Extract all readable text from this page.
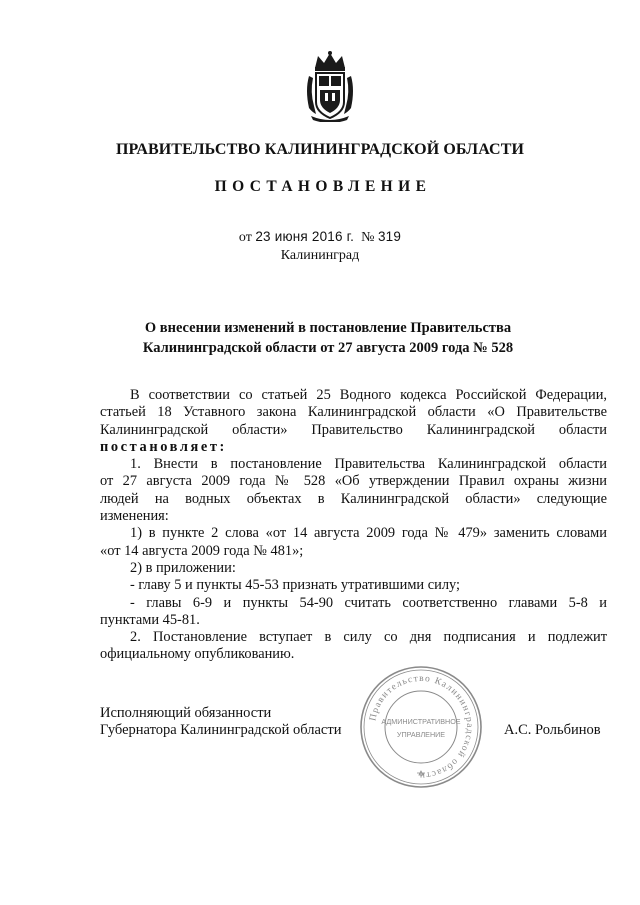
ПРАВИТЕЛЬСТВО КАЛИНИНГРАДСКОЙ ОБЛАСТИ
ПОСТАНОВЛЕНИЕ
от 23 июня 2016 г. № 319
Калининград
О внесении изменений в постановление Правительства
Калининградской области от 27 августа 2009 года № 528
В соответствии со статьей 25 Водного кодекса Российской Федерации,
статьей 18 Уставного закона Калининградской области «О Правительстве
Калининградской области» Правительство Калининградской области
постановляет:
1. Внести в постановление Правительства Калининградской области
от 27 августа 2009 года № 528 «Об утверждении Правил охраны жизни
людей на водных объектах в Калининградской области» следующие
изменения:
1) в пункте 2 слова «от 14 августа 2009 года № 479» заменить словами
«от 14 августа 2009 года № 481»;
2) в приложении:
- главу 5 и пункты 45-53 признать утратившими силу;
- главы 6-9 и пункты 54-90 считать соответственно главами 5-8 и
пунктами 45-81.
2. Постановление вступает в силу со дня подписания и подлежит
официальному опубликованию.
Правительство Калининградской области
АДМИНИСТРАТИВНОЕ
УПРАВЛЕНИЕ
Исполняющий обязанности
Губернатора Калининградской области	А.С. Рольбинов
